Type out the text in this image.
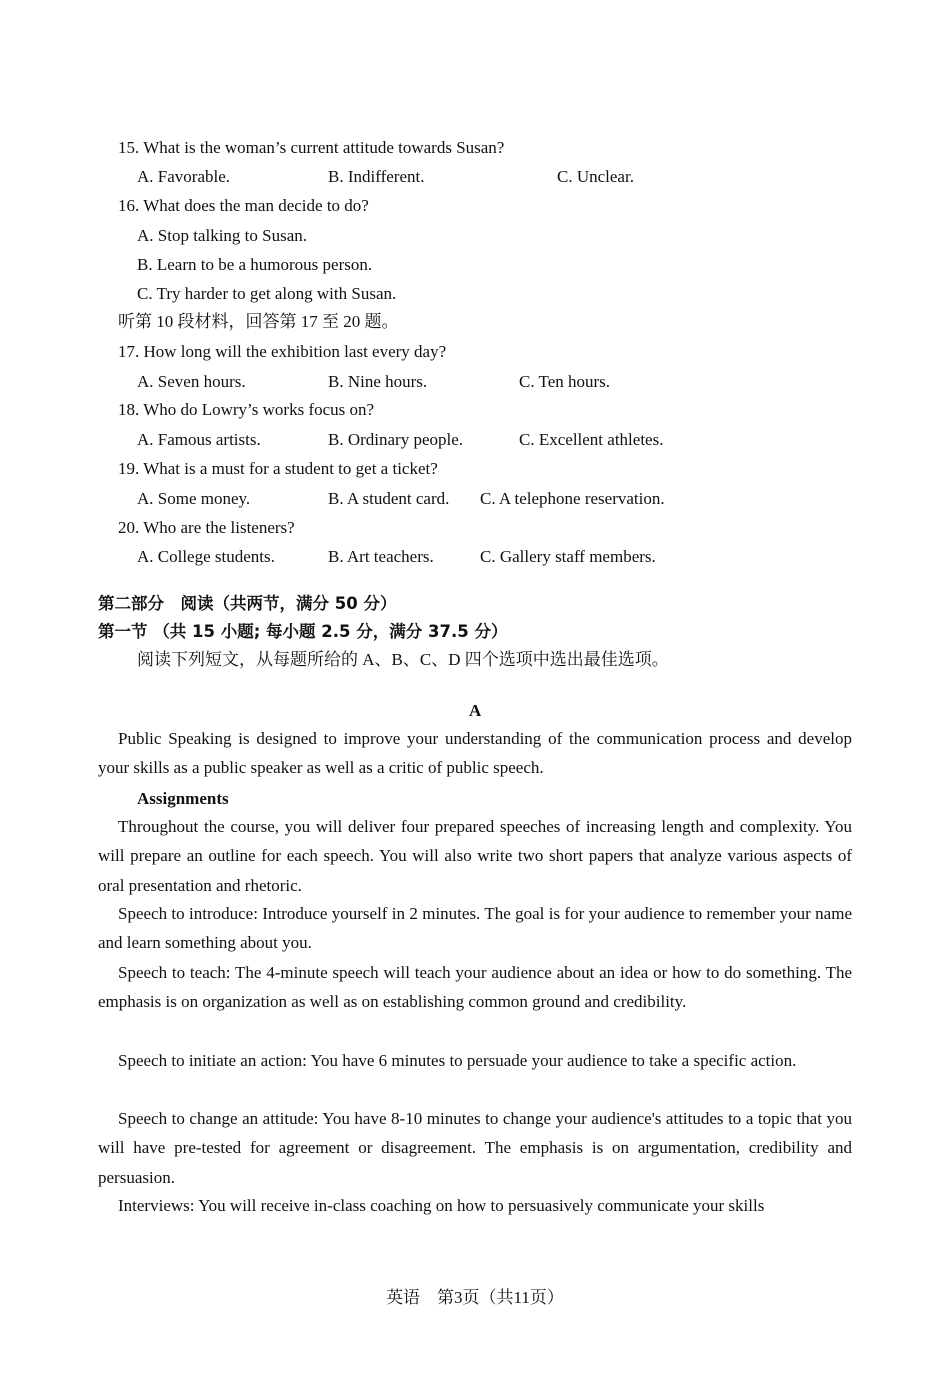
15. What is the woman’s current attitude towards Susan?
A. Favorable.	B. Indifferent.	C. Unclear.
16. What does the man decide to do?
A. Stop talking to Susan.
B. Learn to be a humorous person.
C. Try harder to get along with Susan.
听第 10 段材料，回答第 17 至 20 题。
17. How long will the exhibition last every day?
A. Seven hours.	B. Nine hours.	C. Ten hours.
18. Who do Lowry’s works focus on?
A. Famous artists.	B. Ordinary people.	C. Excellent athletes.
19. What is a must for a student to get a ticket?
A. Some money.	B. A student card. C. A telephone reservation.
20. Who are the listeners?
A. College students.	B. Art teachers.	C. Gallery staff members.
第二部分　阅读（共两节，满分 50 分）
第一节 （共 15 小题; 每小题 2.5 分，满分 37.5 分）
阅读下列短文，从每题所给的 A、B、C、D 四个选项中选出最佳选项。
A
Public Speaking is designed to improve your understanding of the communication process and develop your skills as a public speaker as well as a critic of public speech.
Assignments
Throughout the course, you will deliver four prepared speeches of increasing length and complexity. You will prepare an outline for each speech. You will also write two short papers that analyze various aspects of oral presentation and rhetoric.
Speech to introduce: Introduce yourself in 2 minutes. The goal is for your audience to remember your name and learn something about you.
Speech to teach: The 4-minute speech will teach your audience about an idea or how to do something. The emphasis is on organization as well as on establishing common ground and credibility.
Speech to initiate an action: You have 6 minutes to persuade your audience to take a specific action.
Speech to change an attitude: You have 8-10 minutes to change your audience's attitudes to a topic that you will have pre-tested for agreement or disagreement. The emphasis is on argumentation, credibility and persuasion.
Interviews: You will receive in-class coaching on how to persuasively communicate your skills
英语　第3页（共11页）
